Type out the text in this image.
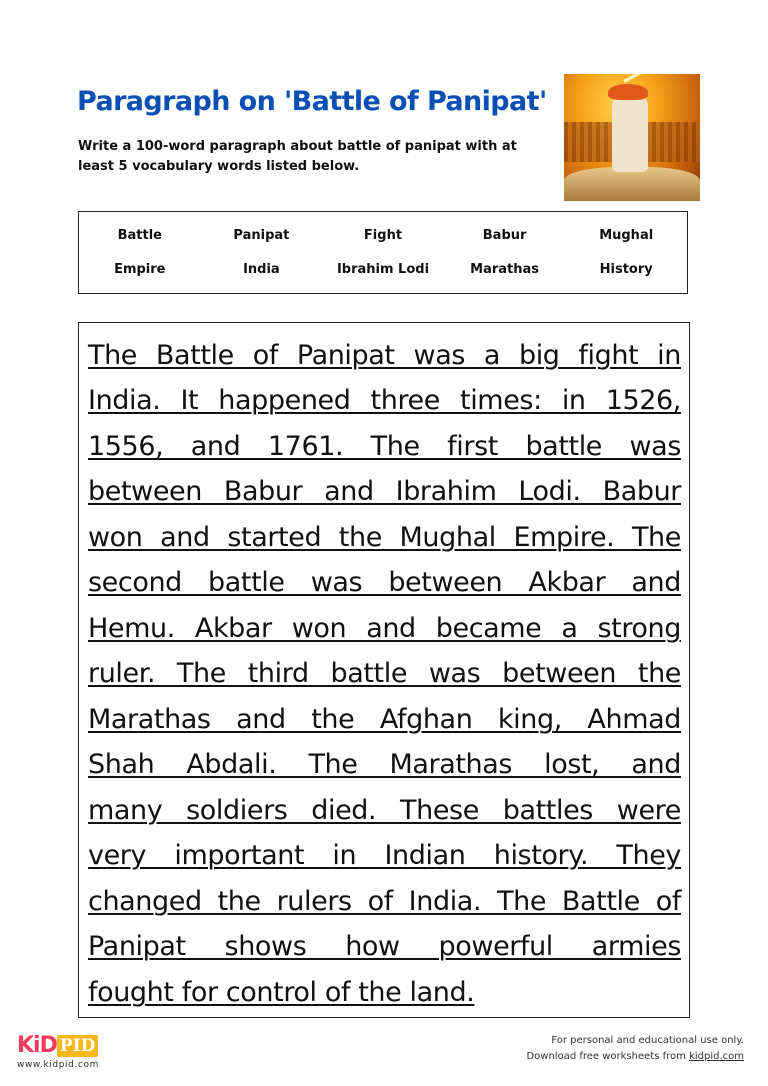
Paragraph on 'Battle of Panipat'
Write a 100-word paragraph about battle of panipat with at least 5 vocabulary words listed below.
Battle	Panipat	Fight	Babur	Mughal
Empire	India	Ibrahim Lodi	Marathas	History
The Battle of Panipat was a big fight in
India. It happened three times: in 1526,
1556, and 1761. The first battle was
between Babur and Ibrahim Lodi. Babur
won and started the Mughal Empire. The
second battle was between Akbar and
Hemu. Akbar won and became a strong
ruler. The third battle was between the
Marathas and the Afghan king, Ahmad
Shah Abdali. The Marathas lost, and
many soldiers died. These battles were
very important in Indian history. They
changed the rulers of India. The Battle of
Panipat shows how powerful armies
fought for control of the land.
KiD PID
www.kidpid.com
For personal and educational use only.
Download free worksheets from kidpid.com
